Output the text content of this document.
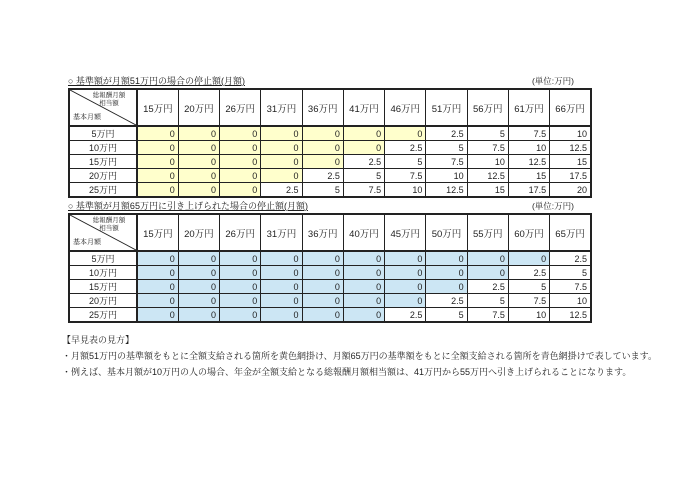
○ 基準額が月額51万円の場合の停止額(月額)	(単位:万円)
総報酬月額
相当額
基本月額	15万円	20万円	26万円	31万円	36万円	41万円	46万円	51万円	56万円	61万円	66万円
5万円	0	0	0	0	0	0	0	2.5	5	7.5	10
10万円	0	0	0	0	0	0	2.5	5	7.5	10	12.5
15万円	0	0	0	0	0	2.5	5	7.5	10	12.5	15
20万円	0	0	0	0	2.5	5	7.5	10	12.5	15	17.5
25万円	0	0	0	2.5	5	7.5	10	12.5	15	17.5	20
○ 基準額が月額65万円に引き上げられた場合の停止額(月額)	(単位:万円)
総報酬月額
相当額
基本月額	15万円	20万円	26万円	31万円	36万円	40万円	45万円	50万円	55万円	60万円	65万円
5万円	0	0	0	0	0	0	0	0	0	0	2.5
10万円	0	0	0	0	0	0	0	0	0	2.5	5
15万円	0	0	0	0	0	0	0	0	2.5	5	7.5
20万円	0	0	0	0	0	0	0	2.5	5	7.5	10
25万円	0	0	0	0	0	0	2.5	5	7.5	10	12.5
【早見表の見方】
・月額51万円の基準額をもとに全額支給される箇所を黄色網掛け、月額65万円の基準額をもとに全額支給される箇所を青色網掛けで表しています。
・例えば、基本月額が10万円の人の場合、年金が全額支給となる総報酬月額相当額は、41万円から55万円へ引き上げられることになります。
